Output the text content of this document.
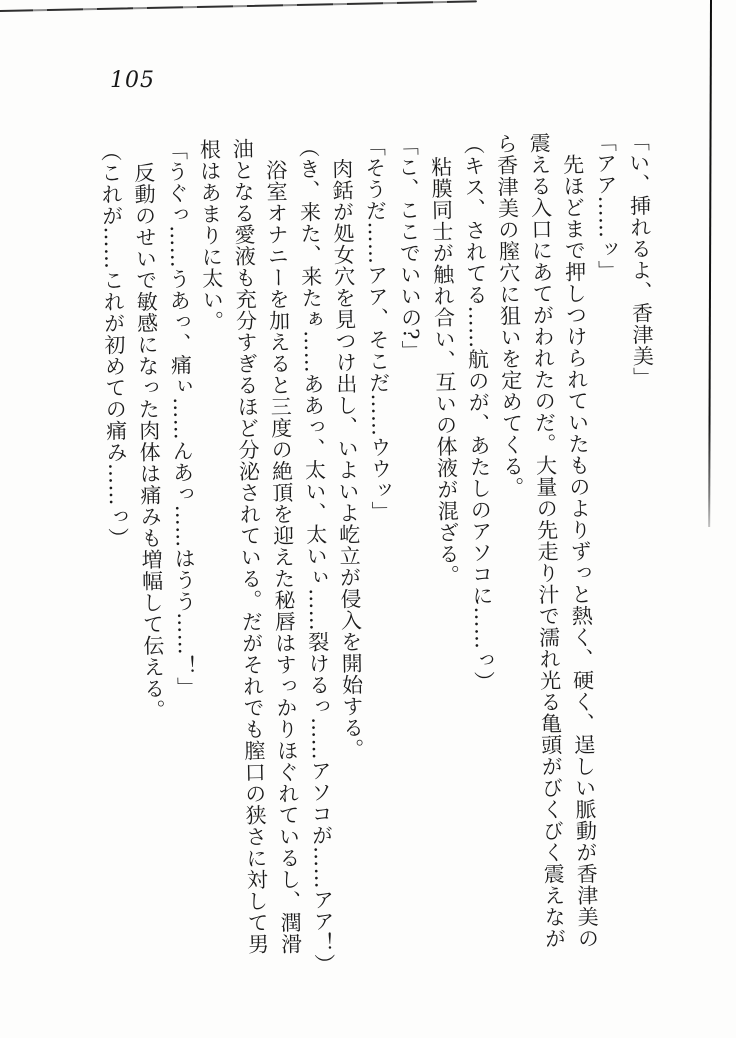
105

「い、挿れるよ、香津美」

「アア……ッ」

先ほどまで押しつけられていたものよりずっと熱く、硬く、逞しい脈動が香津美の

震える入口にあてがわれたのだ。大量の先走り汁で濡れ光る亀頭がびくびく震えなが

ら香津美の膣穴に狙いを定めてくる。

（キス、されてる……航のが、あたしのアソコに……っ）

粘膜同士が触れ合い、互いの体液が混ざる。

「こ、ここでいいの?」

「そうだ……アア、そこだ……ウウッ」

肉銛が処女穴を見つけ出し、いよいよ屹立が侵入を開始する。

（き、来た、来たぁ……ああっ、太い、太いぃ……裂けるっ……アソコが……アア！）

浴室オナニーを加えると三度の絶頂を迎えた秘唇はすっかりほぐれているし、潤滑

油となる愛液も充分すぎるほど分泌されている。だがそれでも膣口の狭さに対して男

根はあまりに太い。

「うぐっ……うあっ、痛ぃ……んあっ……はうう……！」

反動のせいで敏感になった肉体は痛みも増幅して伝える。

（これが……これが初めての痛み……っ）
